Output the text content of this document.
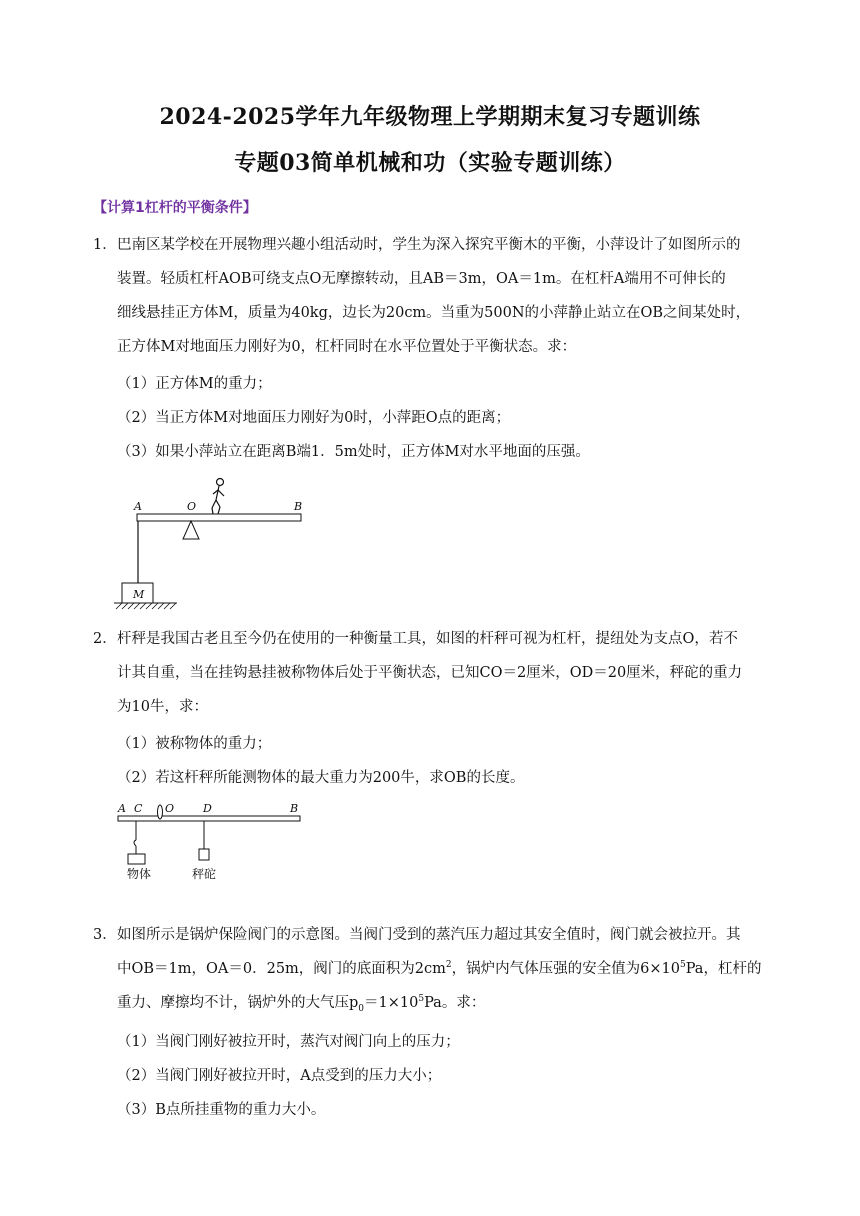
2024-2025学年九年级物理上学期期末复习专题训练
专题03简单机械和功（实验专题训练）
【计算1杠杆的平衡条件】
1．巴南区某学校在开展物理兴趣小组活动时，学生为深入探究平衡木的平衡，小萍设计了如图所示的
装置。轻质杠杆AOB可绕支点O无摩擦转动，且AB＝3m，OA＝1m。在杠杆A端用不可伸长的
细线悬挂正方体M，质量为40kg，边长为20cm。当重为500N的小萍静止站立在OB之间某处时，
正方体M对地面压力刚好为0，杠杆同时在水平位置处于平衡状态。求：
（1）正方体M的重力；
（2）当正方体M对地面压力刚好为0时，小萍距O点的距离；
（3）如果小萍站立在距离B端1．5m处时，正方体M对水平地面的压强。
A	O	B
M
2．杆秤是我国古老且至今仍在使用的一种衡量工具，如图的杆秤可视为杠杆，提纽处为支点O，若不
计其自重，当在挂钩悬挂被称物体后处于平衡状态，已知CO＝2厘米，OD＝20厘米，秤砣的重力
为10牛，求：
（1）被称物体的重力；
（2）若这杆秤所能测物体的最大重力为200牛，求OB的长度。
A C O	D	B
物体	秤砣
3．如图所示是锅炉保险阀门的示意图。当阀门受到的蒸汽压力超过其安全值时，阀门就会被拉开。其
中OB＝1m，OA＝0．25m，阀门的底面积为$2cm^2$，锅炉内气体压强的安全值为$6\times 10^5Pa$，杠杆的
重力、摩擦均不计，锅炉外的大气压$p_0=1\times 10^5Pa$。求：
（1）当阀门刚好被拉开时，蒸汽对阀门向上的压力；
（2）当阀门刚好被拉开时，A点受到的压力大小；
（3）B点所挂重物的重力大小。
